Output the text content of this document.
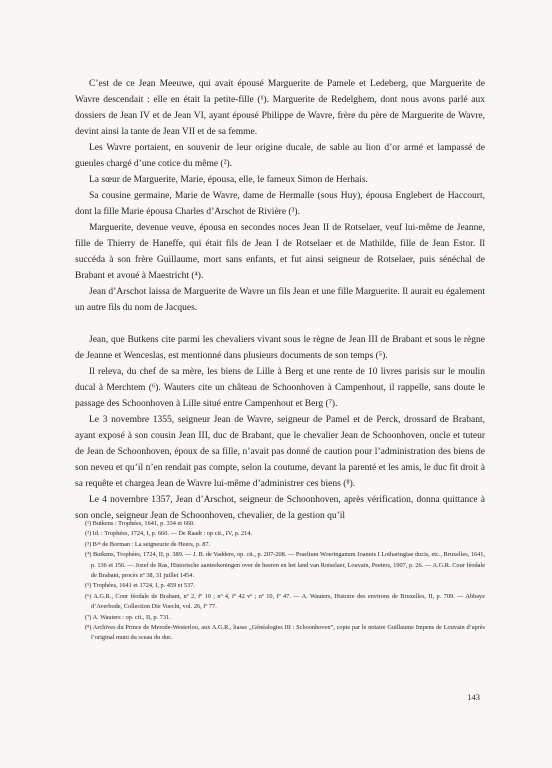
C’est de ce Jean Meeuwe, qui avait épousé Marguerite de Pamele et Ledeberg, que Marguerite de Wavre descendait : elle en était la petite-fille (¹). Marguerite de Redelghem, dont nous avons parlé aux dossiers de Jean IV et de Jean VI, ayant épousé Philippe de Wavre, frère du père de Marguerite de Wavre, devint ainsi la tante de Jean VII et de sa femme.

Les Wavre portaient, en souvenir de leur origine ducale, de sable au lion d’or armé et lampassé de gueules chargé d’une cotice du même (²).

La sœur de Marguerite, Marie, épousa, elle, le fameux Simon de Herhais.

Sa cousine germaine, Marie de Wavre, dame de Hermalle (sous Huy), épousa Englebert de Haccourt, dont la fille Marie épousa Charles d’Arschot de Rivière (³).

Marguerite, devenue veuve, épousa en secondes noces Jean II de Rotselaer, veuf lui-même de Jeanne, fille de Thierry de Haneffe, qui était fils de Jean I de Rotselaer et de Mathilde, fille de Jean Estor. Il succéda à son frère Guillaume, mort sans enfants, et fut ainsi seigneur de Rotselaer, puis sénéchal de Brabant et avoué à Maestricht (⁴).

Jean d’Arschot laissa de Marguerite de Wavre un fils Jean et une fille Marguerite. Il aurait eu également un autre fils du nom de Jacques.

Jean, que Butkens cite parmi les chevaliers vivant sous le règne de Jean III de Brabant et sous le règne de Jeanne et Wenceslas, est mentionné dans plusieurs documents de son temps (⁵).

Il releva, du chef de sa mère, les biens de Lille à Berg et une rente de 10 livres parisis sur le moulin ducal à Merchtem (⁶). Wauters cite un château de Schoonhoven à Campenhout, il rappelle, sans doute le passage des Schoonhoven à Lille situé entre Campenhout et Berg (⁷).

Le 3 novembre 1355, seigneur Jean de Wavre, seigneur de Pamel et de Perck, drossard de Brabant, ayant exposé à son cousin Jean III, duc de Brabant, que le chevalier Jean de Schoonhoven, oncle et tuteur de Jean de Schoonhoven, époux de sa fille, n’avait pas donné de caution pour l’administration des biens de son neveu et qu’il n’en rendait pas compte, selon la coutume, devant la parenté et les amis, le duc fit droit à sa requête et chargea Jean de Wavre lui-même d’administrer ces biens (⁸).

Le 4 novembre 1357, Jean d’Arschot, seigneur de Schoonhoven, après vérification, donna quittance à son oncle, seigneur Jean de Schoonhoven, chevalier, de la gestion qu’il

(¹) Butkens : Trophées, 1641, p. 334 et 660.

(²) Id. : Trophées, 1724, I, p. 660. — De Raadt : op cit., IV, p. 214.

(³) Bᵒⁿ de Borman : La seigneurie de Heers, p. 87.

(⁴) Butkens, Trophées, 1724, II, p. 389. — J. B. de Vaddere, op. cit., p. 207-208. — Praelium Woeringanum Joannis I Lotharingiae ducis, etc., Bruxelles, 1641, p. 136 et 156. — Jozef de Ras, Historische aanteekeningen over de heeren en het land van Rotselaer, Louvain, Peeters, 1907, p. 26. — A.G.R. Cour féodale de Brabant, procès nº 38, 31 juillet 1454.

(⁵) Trophées, 1641 et 1724, I, p. 459 et 537.

(⁶) A.G.R., Cour féodale de Brabant, nº 2, fº 10 ; nº 4, fº 42 vº ; nº 10, fº 47. — A. Wauters, Histoire des environs de Bruxelles, II, p. 709. — Abbaye d’Averbode, Collection Die Voecht, vol. 26, fº 77.

(⁷) A. Wauters : op. cit., II, p. 731.

(⁸) Archives du Prince de Merode-Westerloo, aux A.G.R., liasse „Généalogies III : Schoonhoven”, copie par le notaire Guillaume Impens de Louvain d’après l’original muni du sceau du duc.

143
